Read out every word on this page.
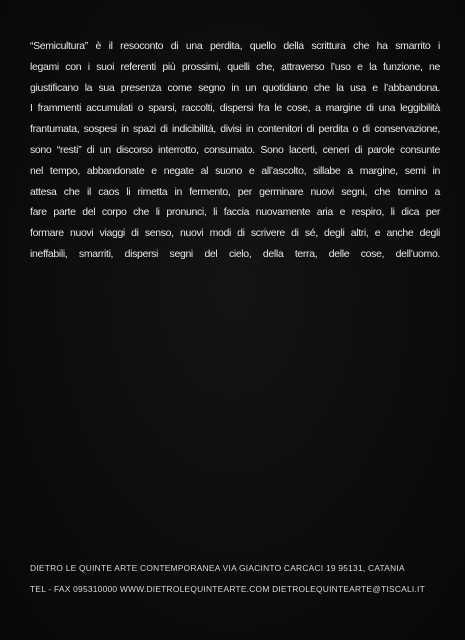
“Semicultura” è il resoconto di una perdita, quello della scrittura che ha smarrito i
legami con i suoi referenti più prossimi, quelli che, attraverso l’uso e la funzione, ne
giustificano la sua presenza come segno in un quotidiano che la usa e l’abbandona.
I frammenti accumulati o sparsi, raccolti, dispersi fra le cose, a margine di una leggibilità
frantumata, sospesi in spazi di indicibilità, divisi in contenitori di perdita o di conservazione,
sono “resti” di un discorso interrotto, consumato. Sono lacerti, ceneri di parole consunte
nel tempo, abbandonate e negate al suono e all’ascolto, sillabe a margine, semi in
attesa che il caos li rimetta in fermento, per germinare nuovi segni, che tornino a
fare parte del corpo che li pronunci, li faccia nuovamente aria e respiro, li dica per
formare nuovi viaggi di senso, nuovi modi di scrivere di sé, degli altri, e anche degli
ineffabili, smarriti, dispersi segni del cielo, della terra, delle cose, dell’uomo.

DIETRO LE QUINTE ARTE CONTEMPORANEA VIA GIACINTO CARCACI 19 95131, CATANIA

TEL - FAX 095310000 WWW.DIETROLEQUINTEARTE.COM DIETROLEQUINTEARTE@TISCALI.IT
